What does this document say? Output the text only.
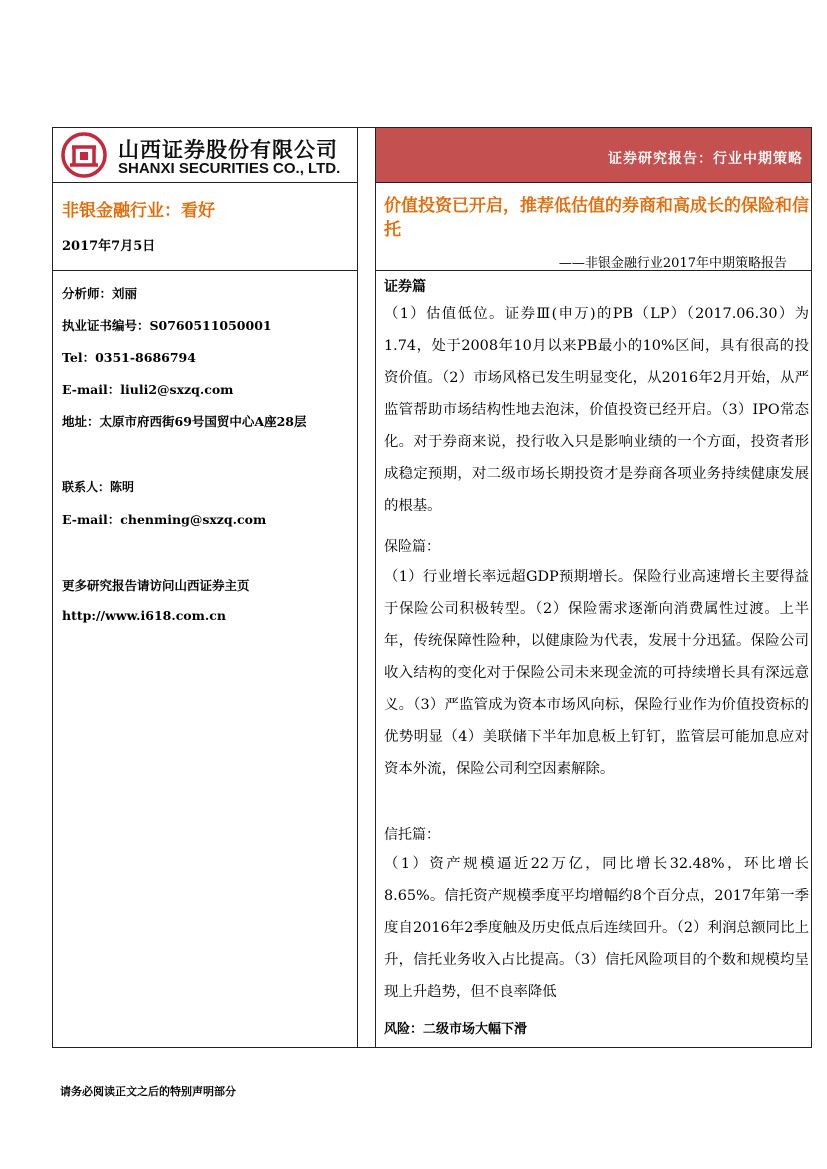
山西证券股份有限公司
SHANXI SECURITIES CO., LTD.
证券研究报告：行业中期策略
非银金融行业：看好
2017年7月5日
分析师：刘丽
执业证书编号：S0760511050001
Tel：0351-8686794
E-mail：liuli2@sxzq.com
地址：太原市府西街69号国贸中心A座28层
联系人：陈明
E-mail：chenming@sxzq.com
更多研究报告请访问山西证券主页
http://www.i618.com.cn
价值投资已开启，推荐低估值的券商和高成长的保险和信托
——非银金融行业2017年中期策略报告
证券篇
（1）估值低位。证券Ⅲ(申万)的PB（LP）（2017.06.30）为1.74，处于2008年10月以来PB最小的10%区间，具有很高的投资价值。（2）市场风格已发生明显变化，从2016年2月开始，从严监管帮助市场结构性地去泡沫，价值投资已经开启。（3）IPO常态化。对于券商来说，投行收入只是影响业绩的一个方面，投资者形成稳定预期，对二级市场长期投资才是券商各项业务持续健康发展的根基。
保险篇：
（1）行业增长率远超GDP预期增长。保险行业高速增长主要得益于保险公司积极转型。（2）保险需求逐渐向消费属性过渡。上半年，传统保障性险种，以健康险为代表，发展十分迅猛。保险公司收入结构的变化对于保险公司未来现金流的可持续增长具有深远意义。（3）严监管成为资本市场风向标，保险行业作为价值投资标的优势明显（4）美联储下半年加息板上钉钉，监管层可能加息应对资本外流，保险公司利空因素解除。
信托篇：
（1）资产规模逼近22万亿，同比增长32.48%，环比增长8.65%。信托资产规模季度平均增幅约8个百分点，2017年第一季度自2016年2季度触及历史低点后连续回升。（2）利润总额同比上升，信托业务收入占比提高。（3）信托风险项目的个数和规模均呈现上升趋势，但不良率降低
风险：二级市场大幅下滑
请务必阅读正文之后的特别声明部分
